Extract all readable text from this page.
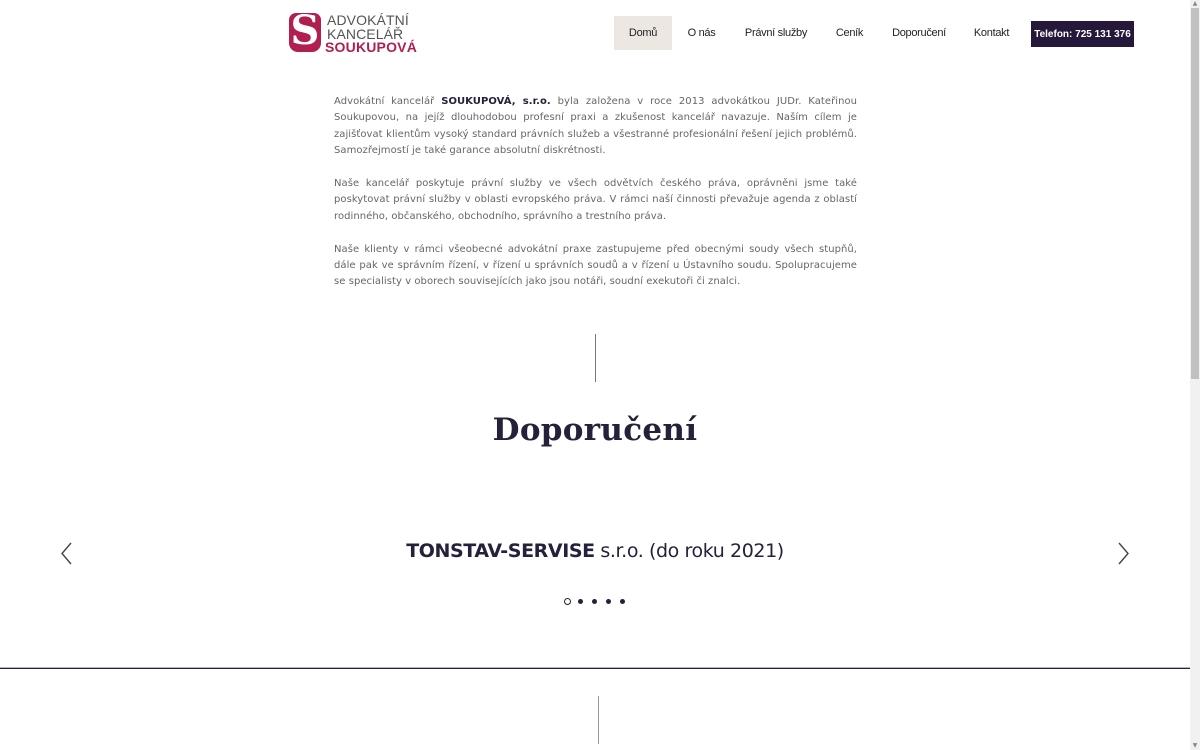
S ADVOKÁTNÍ
KANCELÁŘ
SOUKUPOVÁ
Domů	O nás	Právní služby	Ceník	Doporučení	Kontakt	Telefon: 725 131 376

Advokátní kancelář SOUKUPOVÁ, s.r.o. byla založena v roce 2013 advokátkou JUDr. Kateřinou Soukupovou, na jejíž dlouhodobou profesní praxi a zkušenost kancelář navazuje. Naším cílem je zajišťovat klientům vysoký standard právních služeb a všestranné profesionální řešení jejich problémů. Samozřejmostí je také garance absolutní diskrétnosti.

Naše kancelář poskytuje právní služby ve všech odvětvích českého práva, oprávněni jsme také poskytovat právní služby v oblasti evropského práva. V rámci naší činnosti převažuje agenda z oblastí rodinného, občanského, obchodního, správního a trestního práva.

Naše klienty v rámci všeobecné advokátní praxe zastupujeme před obecnými soudy všech stupňů, dále pak ve správním řízení, v řízení u správních soudů a v řízení u Ústavního soudu. Spolupracujeme se specialisty v oborech souvisejících jako jsou notáři, soudní exekutoři či znalci.

Doporučení
TONSTAV-SERVISE s.r.o. (do roku 2021)
▲
▼
